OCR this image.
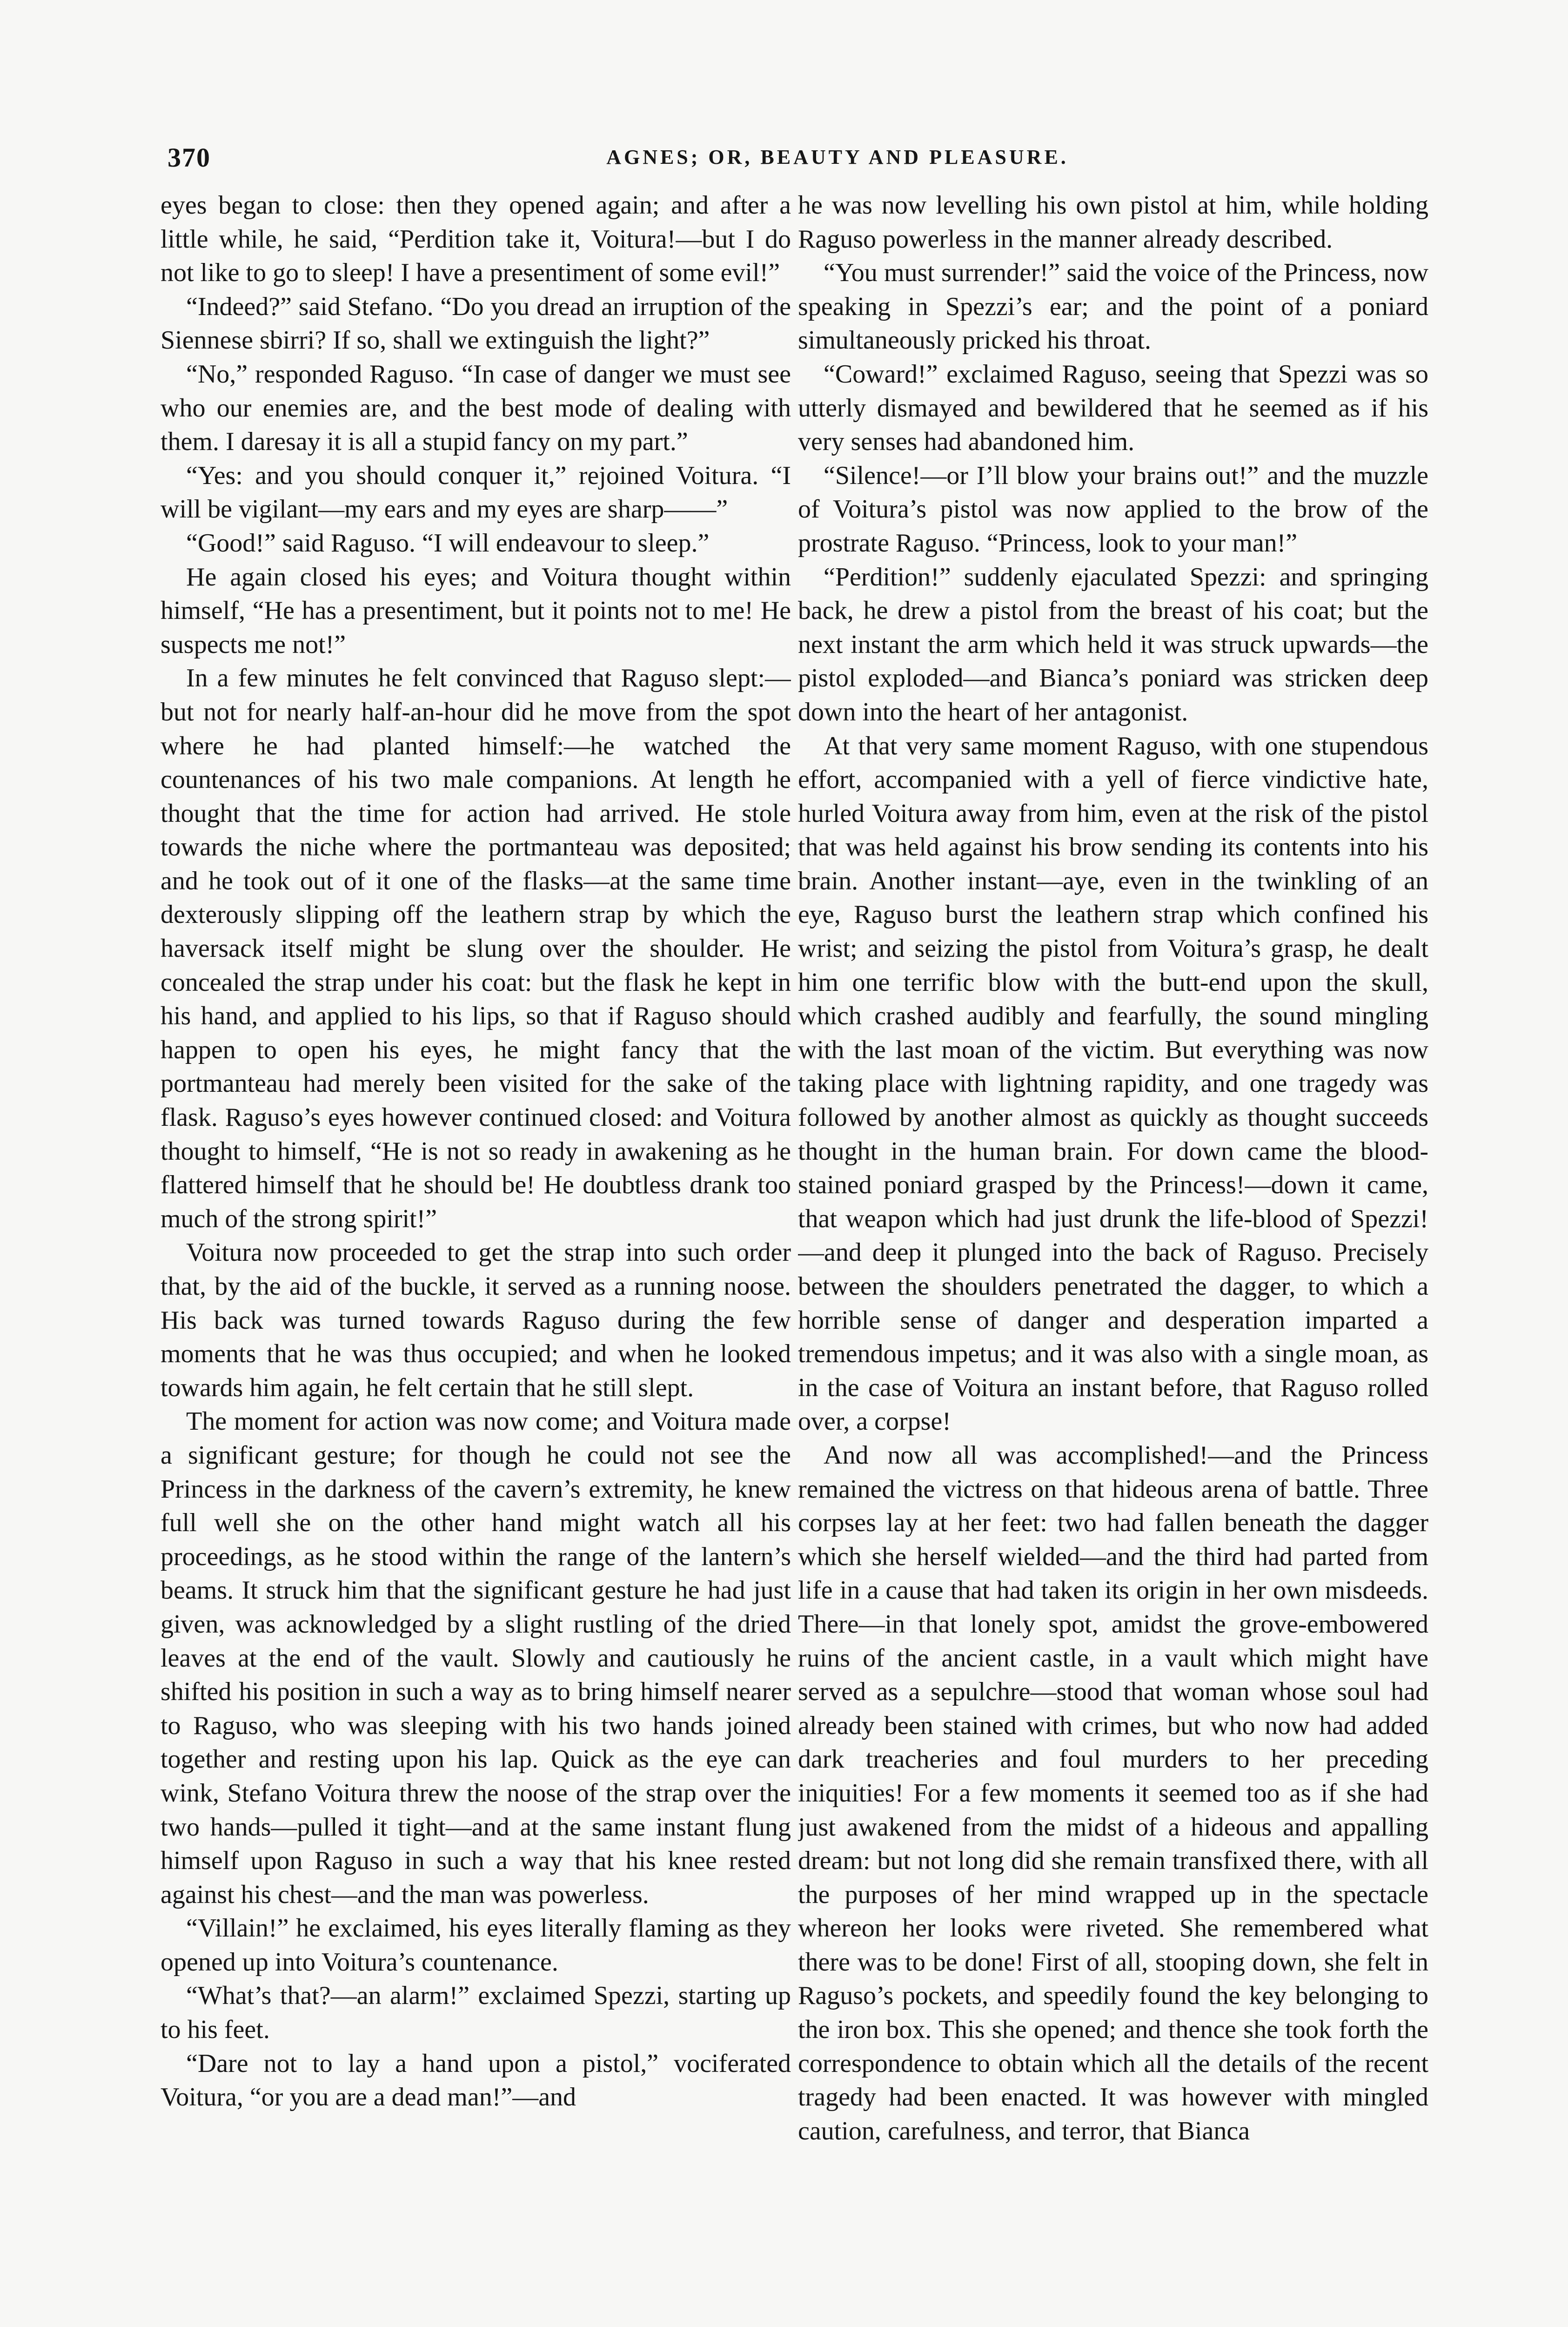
370	AGNES; OR, BEAUTY AND PLEASURE.

eyes began to close: then they opened again; and after a little while, he said, “Perdition take it, Voitura!—but I do not like to go to sleep! I have a presentiment of some evil!”

“Indeed?” said Stefano. “Do you dread an irruption of the Siennese sbirri? If so, shall we extinguish the light?”

“No,” responded Raguso. “In case of danger we must see who our enemies are, and the best mode of dealing with them. I daresay it is all a stupid fancy on my part.”

“Yes: and you should conquer it,” rejoined Voitura. “I will be vigilant—my ears and my eyes are sharp——”

“Good!” said Raguso. “I will endeavour to sleep.”

He again closed his eyes; and Voitura thought within himself, “He has a presentiment, but it points not to me! He suspects me not!”

In a few minutes he felt convinced that Raguso slept:—but not for nearly half-an-hour did he move from the spot where he had planted himself:—he watched the countenances of his two male companions. At length he thought that the time for action had arrived. He stole towards the niche where the portmanteau was deposited; and he took out of it one of the flasks—at the same time dexterously slipping off the leathern strap by which the haversack itself might be slung over the shoulder. He concealed the strap under his coat: but the flask he kept in his hand, and applied to his lips, so that if Raguso should happen to open his eyes, he might fancy that the portmanteau had merely been visited for the sake of the flask. Raguso’s eyes however continued closed: and Voitura thought to himself, “He is not so ready in awakening as he flattered himself that he should be! He doubtless drank too much of the strong spirit!”

Voitura now proceeded to get the strap into such order that, by the aid of the buckle, it served as a running noose. His back was turned towards Raguso during the few moments that he was thus occupied; and when he looked towards him again, he felt certain that he still slept.

The moment for action was now come; and Voitura made a significant gesture; for though he could not see the Princess in the darkness of the cavern’s extremity, he knew full well she on the other hand might watch all his proceedings, as he stood within the range of the lantern’s beams. It struck him that the significant gesture he had just given, was acknowledged by a slight rustling of the dried leaves at the end of the vault. Slowly and cautiously he shifted his position in such a way as to bring himself nearer to Raguso, who was sleeping with his two hands joined together and resting upon his lap. Quick as the eye can wink, Stefano Voitura threw the noose of the strap over the two hands—pulled it tight—and at the same instant flung himself upon Raguso in such a way that his knee rested against his chest—and the man was powerless.

“Villain!” he exclaimed, his eyes literally flaming as they opened up into Voitura’s countenance.

“What’s that?—an alarm!” exclaimed Spezzi, starting up to his feet.

“Dare not to lay a hand upon a pistol,” vociferated Voitura, “or you are a dead man!”—and

he was now levelling his own pistol at him, while holding Raguso powerless in the manner already described.

“You must surrender!” said the voice of the Princess, now speaking in Spezzi’s ear; and the point of a poniard simultaneously pricked his throat.

“Coward!” exclaimed Raguso, seeing that Spezzi was so utterly dismayed and bewildered that he seemed as if his very senses had abandoned him.

“Silence!—or I’ll blow your brains out!” and the muzzle of Voitura’s pistol was now applied to the brow of the prostrate Raguso. “Princess, look to your man!”

“Perdition!” suddenly ejaculated Spezzi: and springing back, he drew a pistol from the breast of his coat; but the next instant the arm which held it was struck upwards—the pistol exploded—and Bianca’s poniard was stricken deep down into the heart of her antagonist.

At that very same moment Raguso, with one stupendous effort, accompanied with a yell of fierce vindictive hate, hurled Voitura away from him, even at the risk of the pistol that was held against his brow sending its contents into his brain. Another instant—aye, even in the twinkling of an eye, Raguso burst the leathern strap which confined his wrist; and seizing the pistol from Voitura’s grasp, he dealt him one terrific blow with the butt-end upon the skull, which crashed audibly and fearfully, the sound mingling with the last moan of the victim. But everything was now taking place with lightning rapidity, and one tragedy was followed by another almost as quickly as thought succeeds thought in the human brain. For down came the blood-stained poniard grasped by the Princess!—down it came, that weapon which had just drunk the life-blood of Spezzi!—and deep it plunged into the back of Raguso. Precisely between the shoulders penetrated the dagger, to which a horrible sense of danger and desperation imparted a tremendous impetus; and it was also with a single moan, as in the case of Voitura an instant before, that Raguso rolled over, a corpse!

And now all was accomplished!—and the Princess remained the victress on that hideous arena of battle. Three corpses lay at her feet: two had fallen beneath the dagger which she herself wielded—and the third had parted from life in a cause that had taken its origin in her own misdeeds. There—in that lonely spot, amidst the grove-embowered ruins of the ancient castle, in a vault which might have served as a sepulchre—stood that woman whose soul had already been stained with crimes, but who now had added dark treacheries and foul murders to her preceding iniquities! For a few moments it seemed too as if she had just awakened from the midst of a hideous and appalling dream: but not long did she remain transfixed there, with all the purposes of her mind wrapped up in the spectacle whereon her looks were riveted. She remembered what there was to be done! First of all, stooping down, she felt in Raguso’s pockets, and speedily found the key belonging to the iron box. This she opened; and thence she took forth the correspondence to obtain which all the details of the recent tragedy had been enacted. It was however with mingled caution, carefulness, and terror, that Bianca
